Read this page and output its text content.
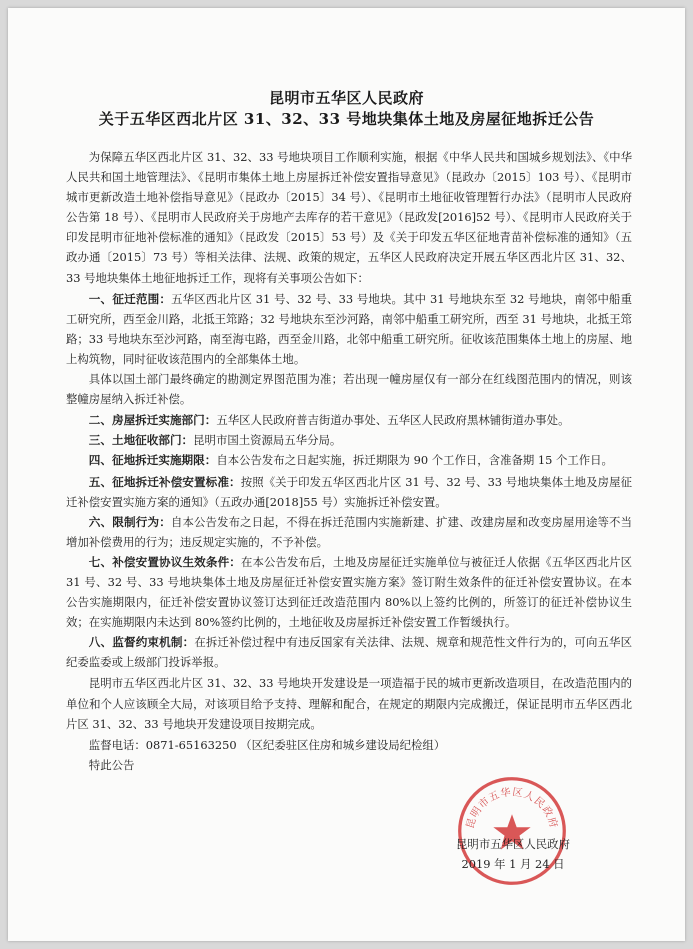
昆明市五华区人民政府
关于五华区西北片区 31、32、33 号地块集体土地及房屋征地拆迁公告

为保障五华区西北片区 31、32、33 号地块项目工作顺利实施，根据《中华人民共和国城乡规划法》、《中华人民共和国土地管理法》、《昆明市集体土地上房屋拆迁补偿安置指导意见》（昆政办〔2015〕103 号）、《昆明市城市更新改造土地补偿指导意见》（昆政办〔2015〕34 号）、《昆明市土地征收管理暂行办法》（昆明市人民政府公告第 18 号）、《昆明市人民政府关于房地产去库存的若干意见》（昆政发[2016]52 号）、《昆明市人民政府关于印发昆明市征地补偿标准的通知》（昆政发〔2015〕53 号）及《关于印发五华区征地青苗补偿标准的通知》（五政办通〔2015〕73 号）等相关法律、法规、政策的规定，五华区人民政府决定开展五华区西北片区 31、32、33 号地块集体土地征地拆迁工作，现将有关事项公告如下：

一、征迁范围：五华区西北片区 31 号、32 号、33 号地块。其中 31 号地块东至 32 号地块，南邻中船重工研究所，西至金川路，北抵王筇路；32 号地块东至沙河路，南邻中船重工研究所，西至 31 号地块，北抵王筇路；33 号地块东至沙河路，南至海屯路，西至金川路，北邻中船重工研究所。征收该范围集体土地上的房屋、地上构筑物，同时征收该范围内的全部集体土地。

具体以国土部门最终确定的勘测定界图范围为准；若出现一幢房屋仅有一部分在红线图范围内的情况，则该整幢房屋纳入拆迁补偿。

二、房屋拆迁实施部门：五华区人民政府普吉街道办事处、五华区人民政府黑林铺街道办事处。

三、土地征收部门：昆明市国土资源局五华分局。

四、征地拆迁实施期限：自本公告发布之日起实施，拆迁期限为 90 个工作日，含准备期 15 个工作日。

五、征地拆迁补偿安置标准：按照《关于印发五华区西北片区 31 号、32 号、33 号地块集体土地及房屋征迁补偿安置实施方案的通知》（五政办通[2018]55 号）实施拆迁补偿安置。

六、限制行为：自本公告发布之日起，不得在拆迁范围内实施新建、扩建、改建房屋和改变房屋用途等不当增加补偿费用的行为；违反规定实施的，不予补偿。

七、补偿安置协议生效条件：在本公告发布后，土地及房屋征迁实施单位与被征迁人依据《五华区西北片区 31 号、32 号、33 号地块集体土地及房屋征迁补偿安置实施方案》签订附生效条件的征迁补偿安置协议。在本公告实施期限内，征迁补偿安置协议签订达到征迁改造范围内 80%以上签约比例的，所签订的征迁补偿协议生效；在实施期限内未达到 80%签约比例的，土地征收及房屋拆迁补偿安置工作暂缓执行。

八、监督约束机制：在拆迁补偿过程中有违反国家有关法律、法规、规章和规范性文件行为的，可向五华区纪委监委或上级部门投诉举报。

昆明市五华区西北片区 31、32、33 号地块开发建设是一项造福于民的城市更新改造项目，在改造范围内的单位和个人应该顾全大局，对该项目给予支持、理解和配合，在规定的期限内完成搬迁，保证昆明市五华区西北片区 31、32、33 号地块开发建设项目按期完成。

监督电话：0871-65163250 （区纪委驻区住房和城乡建设局纪检组）

特此公告

昆明市五华区人民政府
昆明市五华区人民政府
2019 年 1 月 24 日
